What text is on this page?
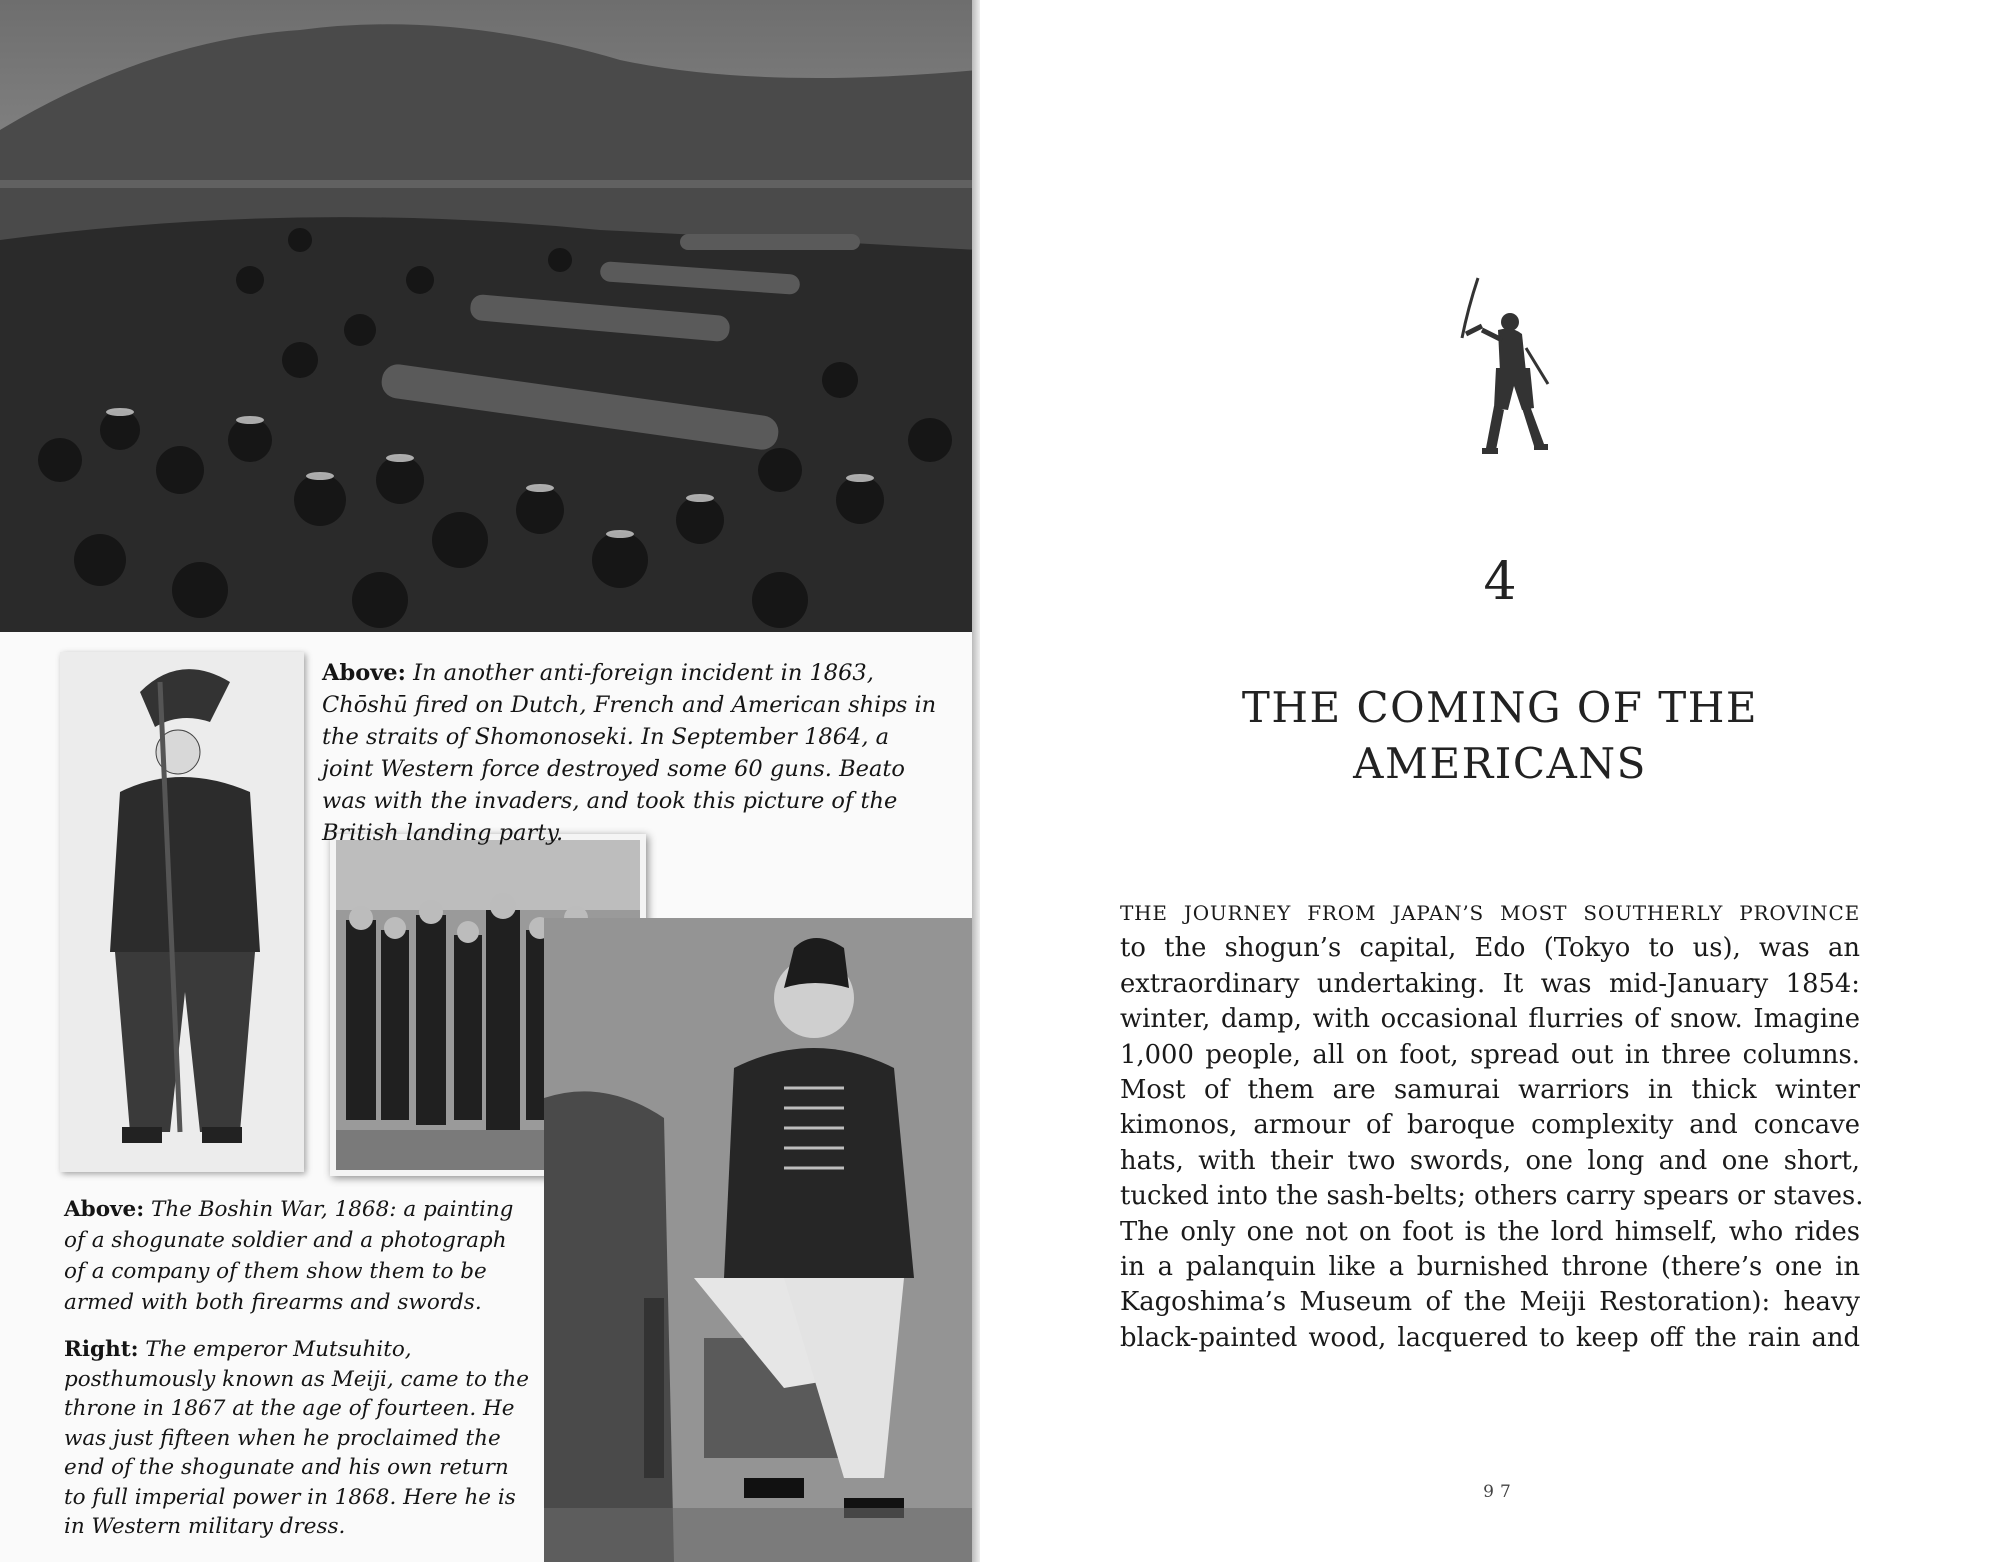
Above: In another anti-foreign incident in 1863, Chōshū fired on Dutch, French and American ships in the straits of Shomonoseki. In September 1864, a joint Western force destroyed some 60 guns. Beato was with the invaders, and took this picture of the British landing party.
Above: The Boshin War, 1868: a painting of a shogunate soldier and a photograph of a company of them show them to be armed with both firearms and swords.
Right: The emperor Mutsuhito, posthumously known as Meiji, came to the throne in 1867 at the age of fourteen. He was just fifteen when he proclaimed the end of the shogunate and his own return to full imperial power in 1868. Here he is in Western military dress.
4
THE COMING OF THE
AMERICANS
THE JOURNEY FROM JAPAN’S MOST SOUTHERLY PROVINCE
to the shogun’s capital, Edo (Tokyo to us), was an
extraordinary undertaking. It was mid-January 1854:
winter, damp, with occasional flurries of snow. Imagine
1,000 people, all on foot, spread out in three columns.
Most of them are samurai warriors in thick winter
kimonos, armour of baroque complexity and concave
hats, with their two swords, one long and one short,
tucked into the sash-belts; others carry spears or staves.
The only one not on foot is the lord himself, who rides
in a palanquin like a burnished throne (there’s one in
Kagoshima’s Museum of the Meiji Restoration): heavy
black-painted wood, lacquered to keep off the rain and
97
